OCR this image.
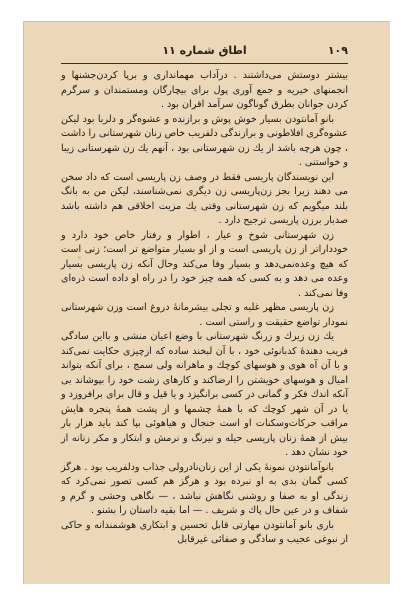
۱۰۹
اطاق شماره ۱۱

بیشتر دوستش می‌داشتند . درآداب مهمانداری و برپا کردن‌جشنها و انجمنهای خیریه و جمع آوری پول برای بیچارگان ومستمندان و سرگرم کردن جوانان بطرق گوناگون سرآمد اقران بود .

بانو آمانتودن بسیار خوش پوش و برازنده و عشوه‌گر و دلربا بود لیکن عشوه‌گری افلاطونی و برازندگی دلفریب خاص زنان شهرستانی را داشت ، چون هرچه باشد از یك زن شهرستانی بود ، آنهم یك زن شهرستانی زیبا و خواستنی .

این نویسندگان پاریسی فقط در وصف زن پاریسی است که داد سخن می دهند زیرا بجز زن‌پاریسی زن دیگری نمی‌شناسند، لیکن من به بانگ بلند میگویم که زن شهرستانی وقتی یك مزیت اخلاقی هم داشته باشد صدبار برزن پاریسی ترجیح دارد .

زن شهرستانی شوخ و عیار ، اطوار و رفتار خاص خود دارد و خودداراتر از زن پاریسی است و از او بسیار متواضع تر است؛ زنی است که هیچ وعده‌نمی‌دهد و بسیار وفا می‌کند وحال آنکه زن پاریسی بسیار وعده می دهد و به کسی که همه چیز خود را در راه او داده است ذره‌ای وفا نمی‌کند .

زن پاریسی مظهر غلبه و تجلی بیشرمانهٔ دروغ است وزن شهرستانی نمودار تواضع حقیقت و راستی است .

یك زن زیرك و زرنگ شهرستانی با وضع اعیان منشی و بااین سادگی فریب دهندهٔ کدبانوئی خود ، با آن لبخند ساده که ازچیزی حکایت نمی‌کند و با آن آه هوی و هوسهای کوچك و ماهرانه ولی سمج ، برای آنکه بتواند امیال و هوسهای خویشتن را ارضاکند و کارهای زشت خود را بپوشاند بی آنکه اندك فکر و گمانی در کسی برانگیزد و یا قیل و قال برای برافروزد و یا در آن شهر کوچك که با همهٔ چشمها و از پشت همهٔ پنجره هایش مراقب حرکات‌وسکنات او است جنجال و هیاهوئی بپا کند باید هزار بار بیش از همهٔ زنان پاریسی حیله و نیرنگ و نرمش و ابتکار و مکر زنانه از خود نشان دهد .

بانوآمانتودن نمونهٔ یکی از این زنان‌نادرولی جذاب ودلفریب بود . هرگز کسی گمان بدی به او نبرده بود و هرگز هم کسی تصور نمی‌کرد که زندگی او به صفا و روشنی نگاهش نباشد ، — نگاهی وحشی و گرم و شفاف و در عین حال پاك و شریف . — اما بقیه داستان را بشنو .

باری بانو آمانتودن مهارتی قابل تحسین و ابتکاری هوشمندانه و حاکی از نبوغی عجیب و سادگی و صفائی غیرقابل
